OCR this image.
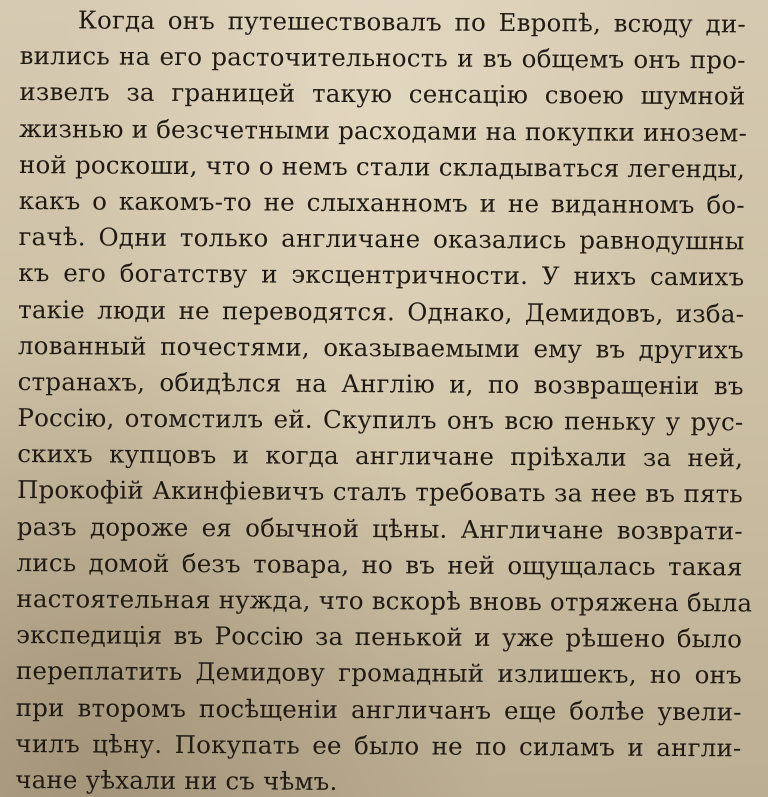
Когда онъ путешествовалъ по Европѣ, всюду ди-
вились на его расточительность и въ общемъ онъ про-
извелъ за границей такую сенсацію своею шумной
жизнью и безсчетными расходами на покупки инозем-
ной роскоши, что о немъ стали складываться легенды,
какъ о какомъ-то не слыханномъ и не виданномъ бо-
гачѣ. Одни только англичане оказались равнодушны
къ его богатству и эксцентричности. У нихъ самихъ
такіе люди не переводятся. Однако, Демидовъ, изба-
лованный почестями, оказываемыми ему въ другихъ
странахъ, обидѣлся на Англію и, по возвращеніи въ
Россію, отомстилъ ей. Скупилъ онъ всю пеньку у рус-
скихъ купцовъ и когда англичане пріѣхали за ней,
Прокофій Акинфіевичъ сталъ требовать за нее въ пять
разъ дороже ея обычной цѣны. Англичане возврати-
лись домой безъ товара, но въ ней ощущалась такая
настоятельная нужда, что вскорѣ вновь отряжена была
экспедиція въ Россію за пенькой и уже рѣшено было
переплатить Демидову громадный излишекъ, но онъ
при второмъ посѣщеніи англичанъ еще болѣе увели-
чилъ цѣну. Покупать ее было не по силамъ и англи-
чане уѣхали ни съ чѣмъ.
